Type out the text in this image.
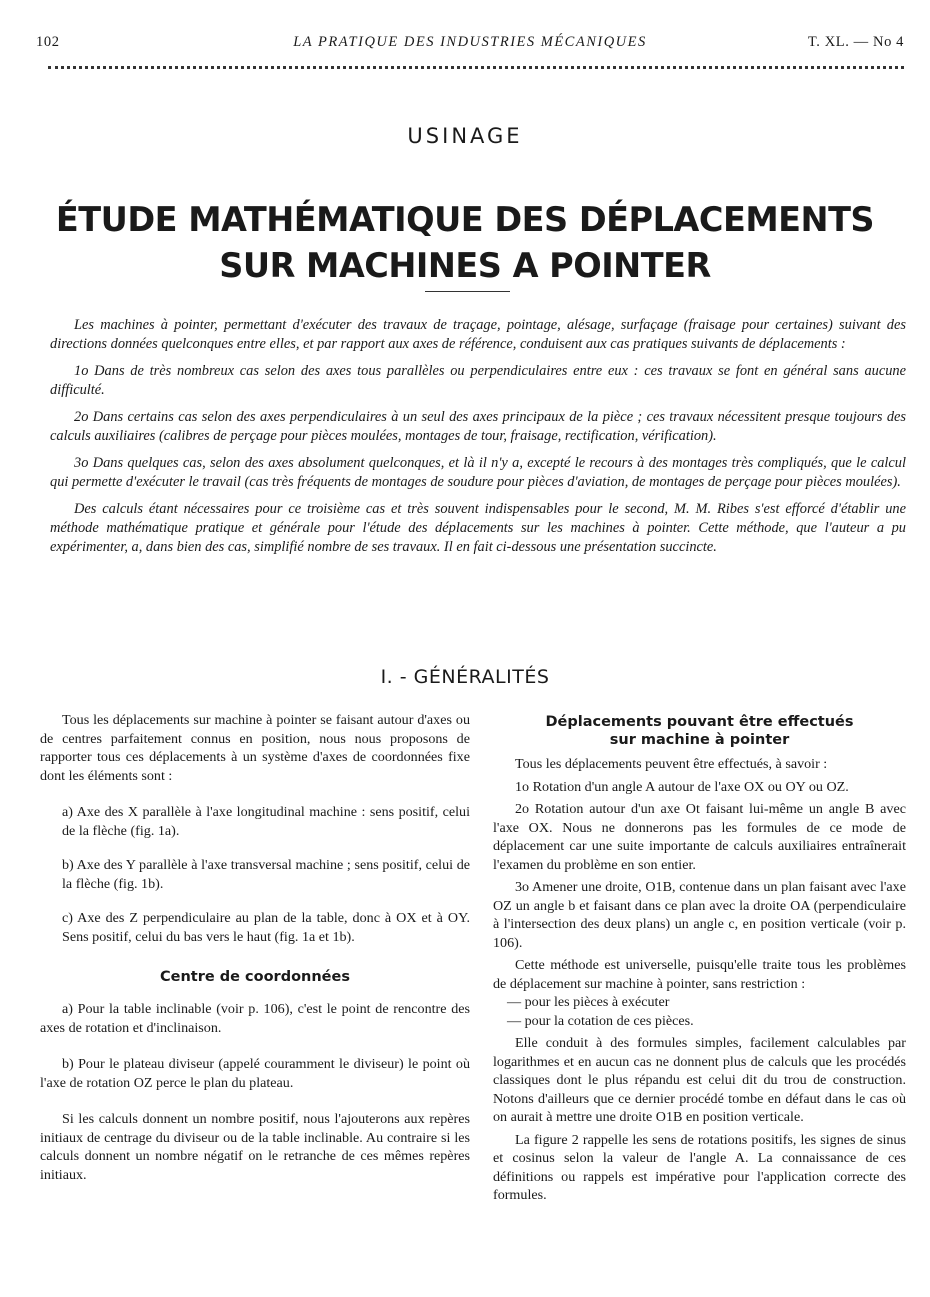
102	LA PRATIQUE DES INDUSTRIES MÉCANIQUES	T. XL. — No 4
USINAGE
ÉTUDE MATHÉMATIQUE DES DÉPLACEMENTS
SUR MACHINES A POINTER

Les machines à pointer, permettant d'exécuter des travaux de traçage, pointage, alésage, surfaçage (fraisage pour certaines) suivant des directions données quelconques entre elles, et par rapport aux axes de référence, conduisent aux cas pratiques suivants de déplacements :

1o Dans de très nombreux cas selon des axes tous parallèles ou perpendiculaires entre eux : ces travaux se font en général sans aucune difficulté.

2o Dans certains cas selon des axes perpendiculaires à un seul des axes principaux de la pièce ; ces travaux nécessitent presque toujours des calculs auxiliaires (calibres de perçage pour pièces moulées, montages de tour, fraisage, rectification, vérification).

3o Dans quelques cas, selon des axes absolument quelconques, et là il n'y a, excepté le recours à des montages très compliqués, que le calcul qui permette d'exécuter le travail (cas très fréquents de montages de soudure pour pièces d'aviation, de montages de perçage pour pièces moulées).

Des calculs étant nécessaires pour ce troisième cas et très souvent indispensables pour le second, M. M. Ribes s'est efforcé d'établir une méthode mathématique pratique et générale pour l'étude des déplacements sur les machines à pointer. Cette méthode, que l'auteur a pu expérimenter, a, dans bien des cas, simplifié nombre de ses travaux. Il en fait ci-dessous une présentation succincte.

I. - GÉNÉRALITÉS

Tous les déplacements sur machine à pointer se faisant autour d'axes ou de centres parfaitement connus en position, nous nous proposons de rapporter tous ces déplacements à un système d'axes de coordonnées fixe dont les éléments sont :

a) Axe des X parallèle à l'axe longitudinal machine : sens positif, celui de la flèche (fig. 1a).

b) Axe des Y parallèle à l'axe transversal machine ; sens positif, celui de la flèche (fig. 1b).

c) Axe des Z perpendiculaire au plan de la table, donc à OX et à OY. Sens positif, celui du bas vers le haut (fig. 1a et 1b).

Centre de coordonnées

a) Pour la table inclinable (voir p. 106), c'est le point de rencontre des axes de rotation et d'inclinaison.

b) Pour le plateau diviseur (appelé couramment le diviseur) le point où l'axe de rotation OZ perce le plan du plateau.

Si les calculs donnent un nombre positif, nous l'ajouterons aux repères initiaux de centrage du diviseur ou de la table inclinable. Au contraire si les calculs donnent un nombre négatif on le retranche de ces mêmes repères initiaux.

Déplacements pouvant être effectués
sur machine à pointer

Tous les déplacements peuvent être effectués, à savoir :

1o Rotation d'un angle A autour de l'axe OX ou OY ou OZ.

2o Rotation autour d'un axe Ot faisant lui-même un angle B avec l'axe OX. Nous ne donnerons pas les formules de ce mode de déplacement car une suite importante de calculs auxiliaires entraînerait l'examen du problème en son entier.

3o Amener une droite, O1B, contenue dans un plan faisant avec l'axe OZ un angle b et faisant dans ce plan avec la droite OA (perpendiculaire à l'intersection des deux plans) un angle c, en position verticale (voir p. 106).

Cette méthode est universelle, puisqu'elle traite tous les problèmes de déplacement sur machine à pointer, sans restriction :

— pour les pièces à exécuter

— pour la cotation de ces pièces.

Elle conduit à des formules simples, facilement calculables par logarithmes et en aucun cas ne donnent plus de calculs que les procédés classiques dont le plus répandu est celui dit du trou de construction. Notons d'ailleurs que ce dernier procédé tombe en défaut dans le cas où on aurait à mettre une droite O1B en position verticale.

La figure 2 rappelle les sens de rotations positifs, les signes de sinus et cosinus selon la valeur de l'angle A. La connaissance de ces définitions ou rappels est impérative pour l'application correcte des formules.
